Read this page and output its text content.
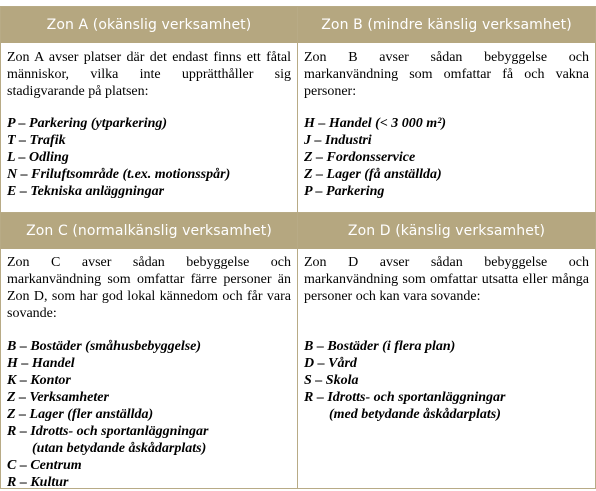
Zon A (okänslig verksamhet)
Zon A avser platser där det endast finns ett fåtal människor, vilka inte upprätthåller sig stadigvarande på platsen:
P – Parkering (ytparkering)
T – Trafik
L – Odling
N – Friluftsområde (t.ex. motionsspår)
E – Tekniska anläggningar
Zon B (mindre känslig verksamhet)
Zon B avser sådan bebyggelse och markanvändning som omfattar få och vakna personer:
H – Handel (< 3 000 m²)
J – Industri
Z – Fordonsservice
Z – Lager (få anställda)
P – Parkering
Zon C (normalkänslig verksamhet)
Zon C avser sådan bebyggelse och markanvändning som omfattar färre personer än Zon D, som har god lokal kännedom och får vara sovande:
B – Bostäder (småhusbebyggelse)
H – Handel
K – Kontor
Z – Verksamheter
Z – Lager (fler anställda)
R – Idrotts- och sportanläggningar
(utan betydande åskådarplats)
C – Centrum
R – Kultur
Zon D (känslig verksamhet)
Zon D avser sådan bebyggelse och markanvändning som omfattar utsatta eller många personer och kan vara sovande:
B – Bostäder (i flera plan)
D – Vård
S – Skola
R – Idrotts- och sportanläggningar
(med betydande åskådarplats)
